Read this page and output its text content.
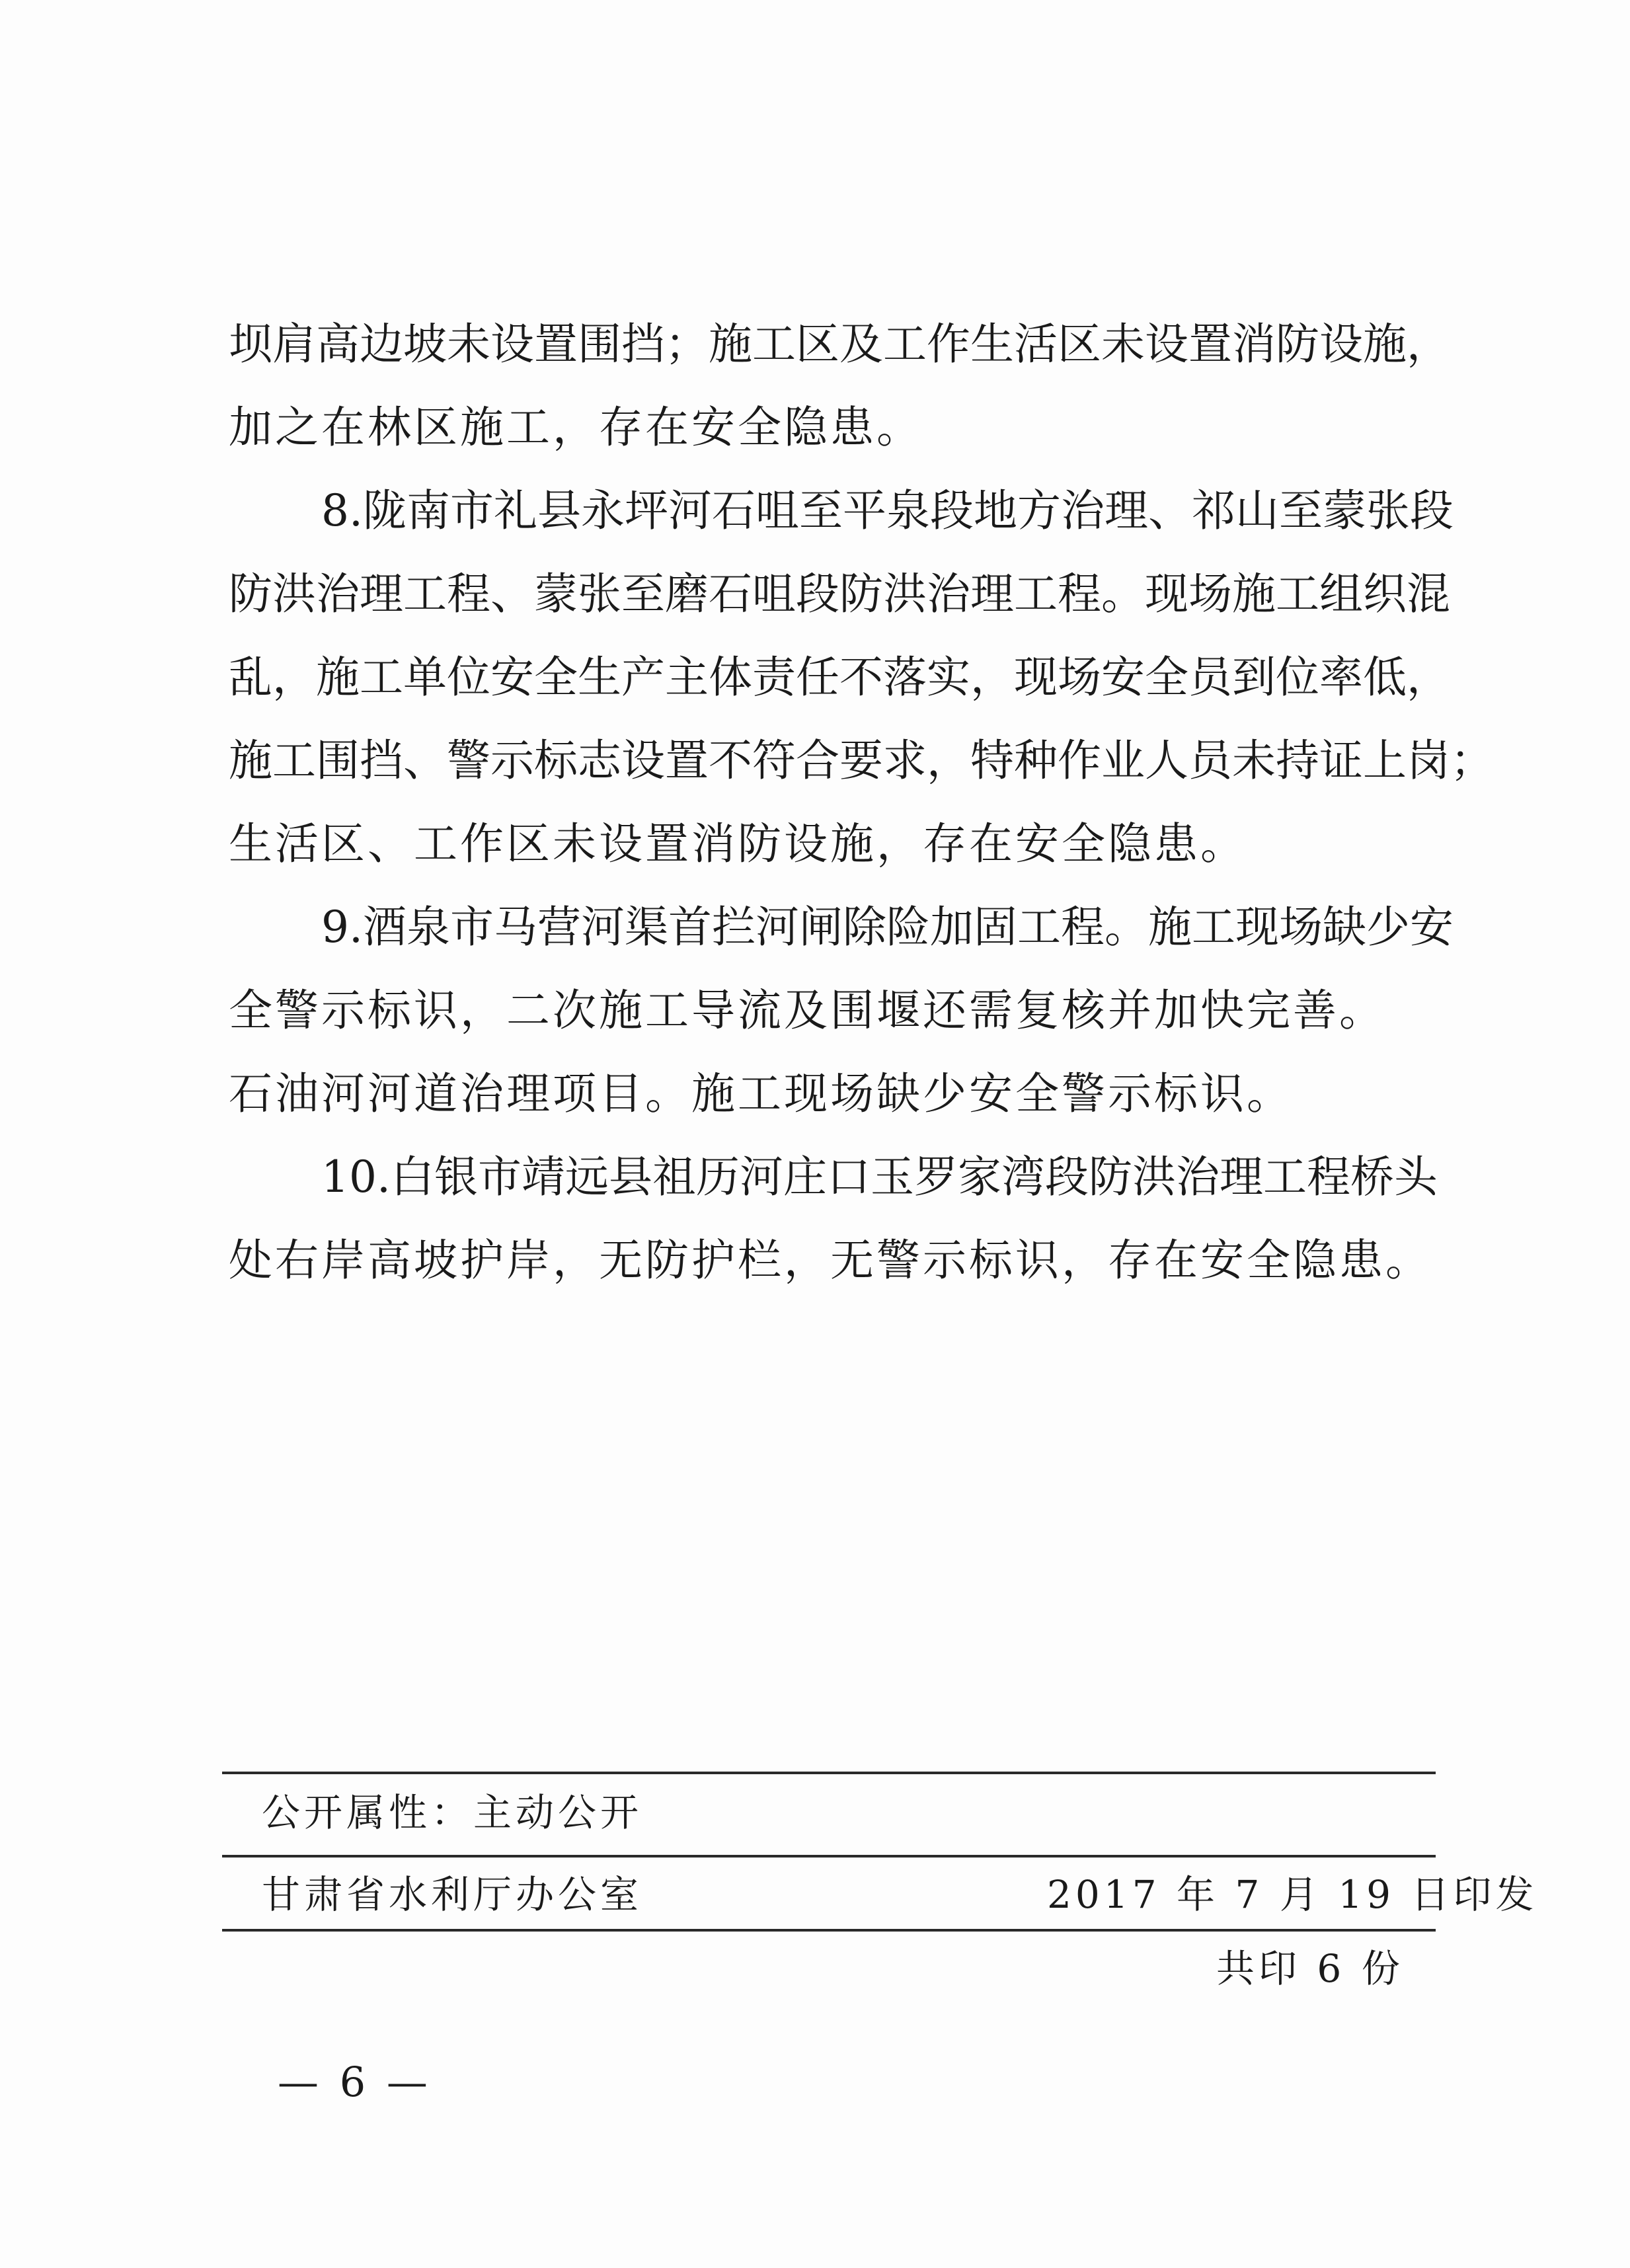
坝肩高边坡未设置围挡；施工区及工作生活区未设置消防设施，
加之在林区施工，存在安全隐患。
8.陇南市礼县永坪河石咀至平泉段地方治理、祁山至蒙张段
防洪治理工程、蒙张至磨石咀段防洪治理工程。现场施工组织混
乱，施工单位安全生产主体责任不落实，现场安全员到位率低，
施工围挡、警示标志设置不符合要求，特种作业人员未持证上岗；
生活区、工作区未设置消防设施，存在安全隐患。
9.酒泉市马营河渠首拦河闸除险加固工程。施工现场缺少安
全警示标识，二次施工导流及围堰还需复核并加快完善。
石油河河道治理项目。施工现场缺少安全警示标识。
10.白银市靖远县祖历河庄口玉罗家湾段防洪治理工程桥头
处右岸高坡护岸，无防护栏，无警示标识，存在安全隐患。
公开属性：主动公开
甘肃省水利厅办公室	2017 年 7 月 19 日印发
共印 6 份
— 6 —
